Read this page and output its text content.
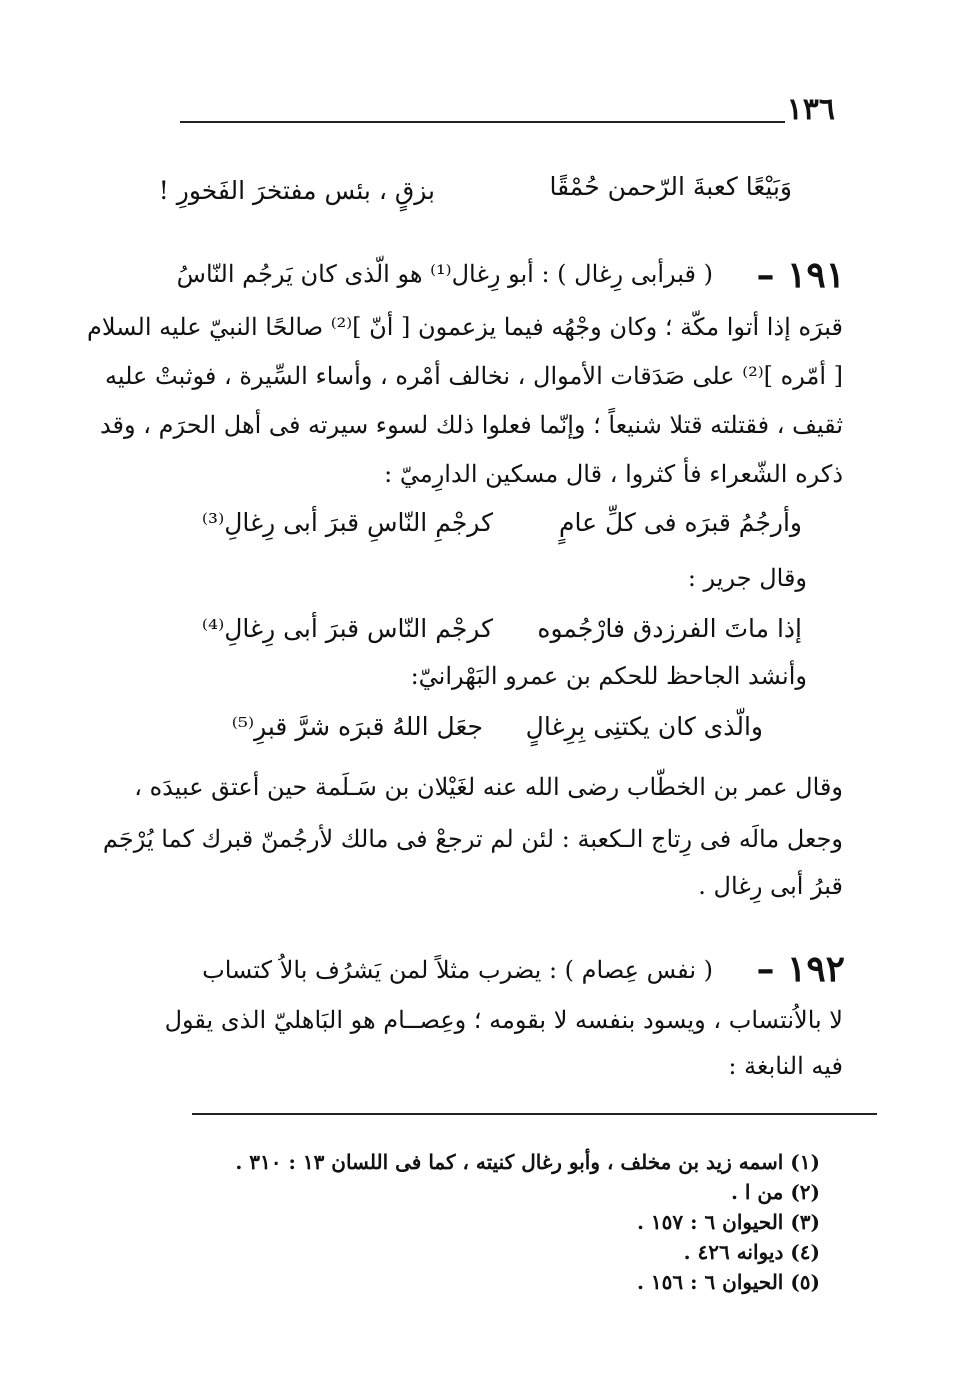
١٣٦
وَبَيْعًا كعبةَ الرّحمن حُمْقًا
بزقٍ ، بئس مفتخرَ الفَخورِ !
١٩١ –
( قبرأبى رِغال ) : أبو رِغال⁽¹⁾ هو الّذى كان يَرجُم النّاسُ
قبرَه إذا أتوا مكّة ؛ وكان وجْهُه فيما يزعمون [ أنّ ]⁽²⁾ صالحًا النبيّ عليه السلام
[ أمّره ]⁽²⁾ على صَدَقات الأموال ، نخالف أمْره ، وأساء السِّيرة ، فوثبتْ عليه
ثقيف ، فقتلته قتلا شنيعاً ؛ وإنّما فعلوا ذلك لسوء سيرته فى أهل الحرَم ، وقد
ذكره الشّعراء فأ كثروا ، قال مسكين الدارِميّ :
وأرجُمُ قبرَه فى كلِّ عامٍ
كرجْمِ النّاسِ قبرَ أبى رِغالِ⁽³⁾
وقال جرير :
إذا ماتَ الفرزدق فارْجُموه
كرجْم النّاس قبرَ أبى رِغالِ⁽⁴⁾
وأنشد الجاحظ للحكم بن عمرو البَهْرانيّ:
والّذى كان يكتنِى بِرِغالٍ
جعَل اللهُ قبرَه شرَّ قبرِ⁽⁵⁾
وقال عمر بن الخطّاب رضى الله عنه لغَيْلان بن سَـلَمة حين أعتق عبيدَه ،
وجعل مالَه فى رِتاج الـكعبة : لئن لم ترجعْ فى مالك لأرجُمنّ قبرك كما يُرْجَم
قبرُ أبى رِغال .
١٩٢ –
( نفس عِصام ) : يضرب مثلاً لمن يَشرُف بالاُ كتساب
لا بالاُنتساب ، ويسود بنفسه لا بقومه ؛ وعِصــام هو البَاهليّ الذى يقول
فيه النابغة :
(١) اسمه زيد بن مخلف ، وأبو رغال كنيته ، كما فى اللسان ١٣ : ٣١٠ .
(٢) من ا .
(٣) الحيوان ٦ : ١٥٧ .
(٤) ديوانه ٤٢٦ .
(٥) الحيوان ٦ : ١٥٦ .
